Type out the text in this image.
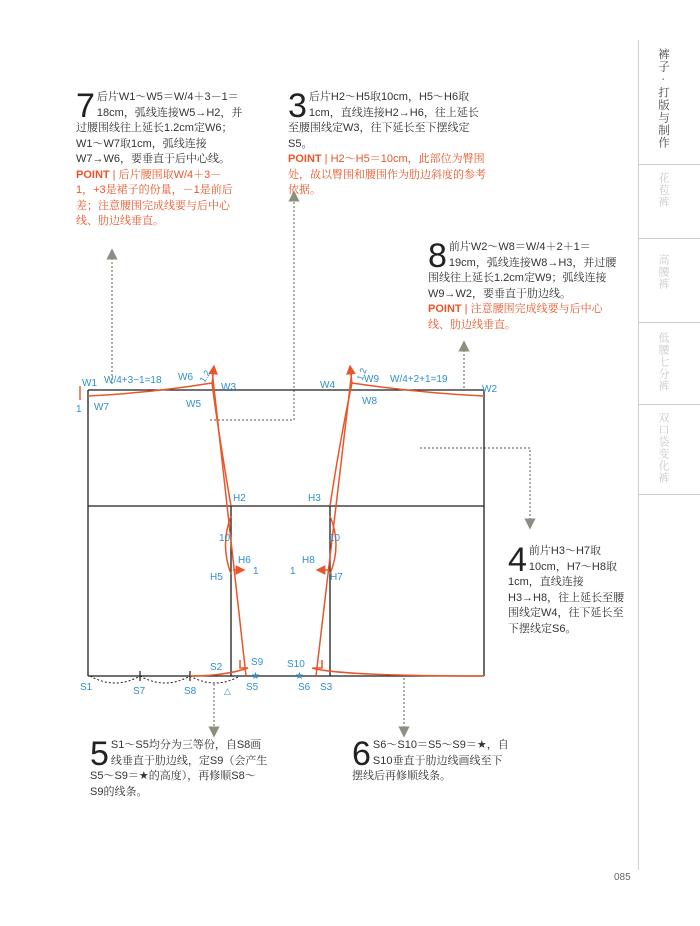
裤子 · 打版与制作
花苞裤
高腰裤
低腰七分裤
双口袋变化裤
7 后片W1～W5＝W/4＋3－1＝18cm，弧线连接W5→H2，并过腰围线往上延长1.2cm定W6；W1～W7取1cm，弧线连接W7→W6，要垂直于后中心线。
POINT | 后片腰围取W/4＋3－1，+3是裙子的份量，－1是前后差；注意腰围完成线要与后中心线、肋边线垂直。
3 后片H2～H5取10cm，H5～H6取1cm，直线连接H2→H6，往上延长至腰围线定W3，往下延长至下摆线定S5。
POINT | H2～H5＝10cm，此部位为臀围处，故以臀围和腰围作为肋边斜度的参考依据。
8 前片W2～W8＝W/4＋2＋1＝19cm，弧线连接W8→H3，并过腰围线往上延长1.2cm定W9；弧线连接W9→W2，要垂直于肋边线。
POINT | 注意腰围完成线要与后中心线、肋边线垂直。
4 前片H3～H7取10cm，H7～H8取1cm，直线连接H3→H8，往上延长至腰围线定W4，往下延长至下摆线定S6。
5 S1～S5均分为三等份，自S8画线垂直于肋边线，定S9（会产生S5～S9＝★的高度），再修顺S8～S9的线条。
6 S6～S10＝S5～S9＝★，自S10垂直于肋边线画线至下摆线后再修顺线条。
W1
W7
1
W/4+3−1=18 W6
W5
W3
1.2
W4
1.2
W9
W8
W/4+2+1=19
W2
H2	H3
10	10
H6
1
H5
H8
1
H7
S1	S7	S8
S2	S9
★
S5
△
S10
★
S6 S3
085
